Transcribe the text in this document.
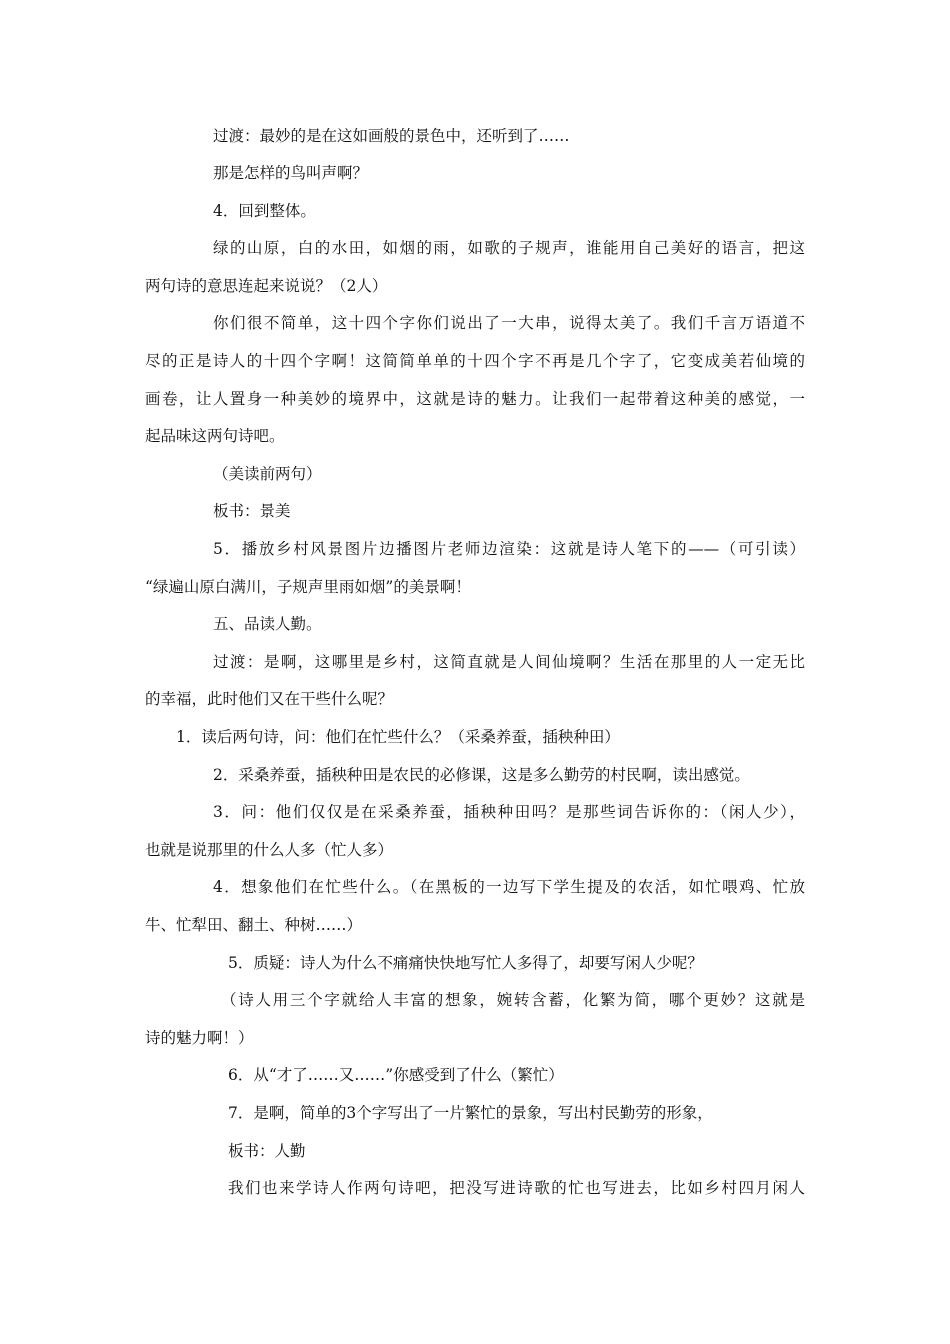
过渡：最妙的是在这如画般的景色中，还听到了……
那是怎样的鸟叫声啊？
4．回到整体。
绿的山原，白的水田，如烟的雨，如歌的子规声，谁能用自己美好的语言，把这
两句诗的意思连起来说说？（2人）
你们很不简单，这十四个字你们说出了一大串，说得太美了。我们千言万语道不
尽的正是诗人的十四个字啊！这简简单单的十四个字不再是几个字了，它变成美若仙境的
画卷，让人置身一种美妙的境界中，这就是诗的魅力。让我们一起带着这种美的感觉，一
起品味这两句诗吧。
（美读前两句）
板书：景美
5．播放乡村风景图片边播图片老师边渲染：这就是诗人笔下的——（可引读）
“绿遍山原白满川，子规声里雨如烟”的美景啊！
五、品读人勤。
过渡：是啊，这哪里是乡村，这简直就是人间仙境啊？生活在那里的人一定无比
的幸福，此时他们又在干些什么呢？
1．读后两句诗，问：他们在忙些什么？（采桑养蚕，插秧种田）
2．采桑养蚕，插秧种田是农民的必修课，这是多么勤劳的村民啊，读出感觉。
3．问：他们仅仅是在采桑养蚕，插秧种田吗？是那些词告诉你的：（闲人少），
也就是说那里的什么人多（忙人多）
4．想象他们在忙些什么。（在黑板的一边写下学生提及的农活，如忙喂鸡、忙放
牛、忙犁田、翻土、种树……）
5．质疑：诗人为什么不痛痛快快地写忙人多得了，却要写闲人少呢？
（诗人用三个字就给人丰富的想象，婉转含蓄，化繁为简，哪个更妙？这就是
诗的魅力啊！）
6．从“才了……又……”你感受到了什么（繁忙）
7．是啊，简单的3个字写出了一片繁忙的景象，写出村民勤劳的形象，
板书：人勤
我们也来学诗人作两句诗吧，把没写进诗歌的忙也写进去，比如乡村四月闲人
